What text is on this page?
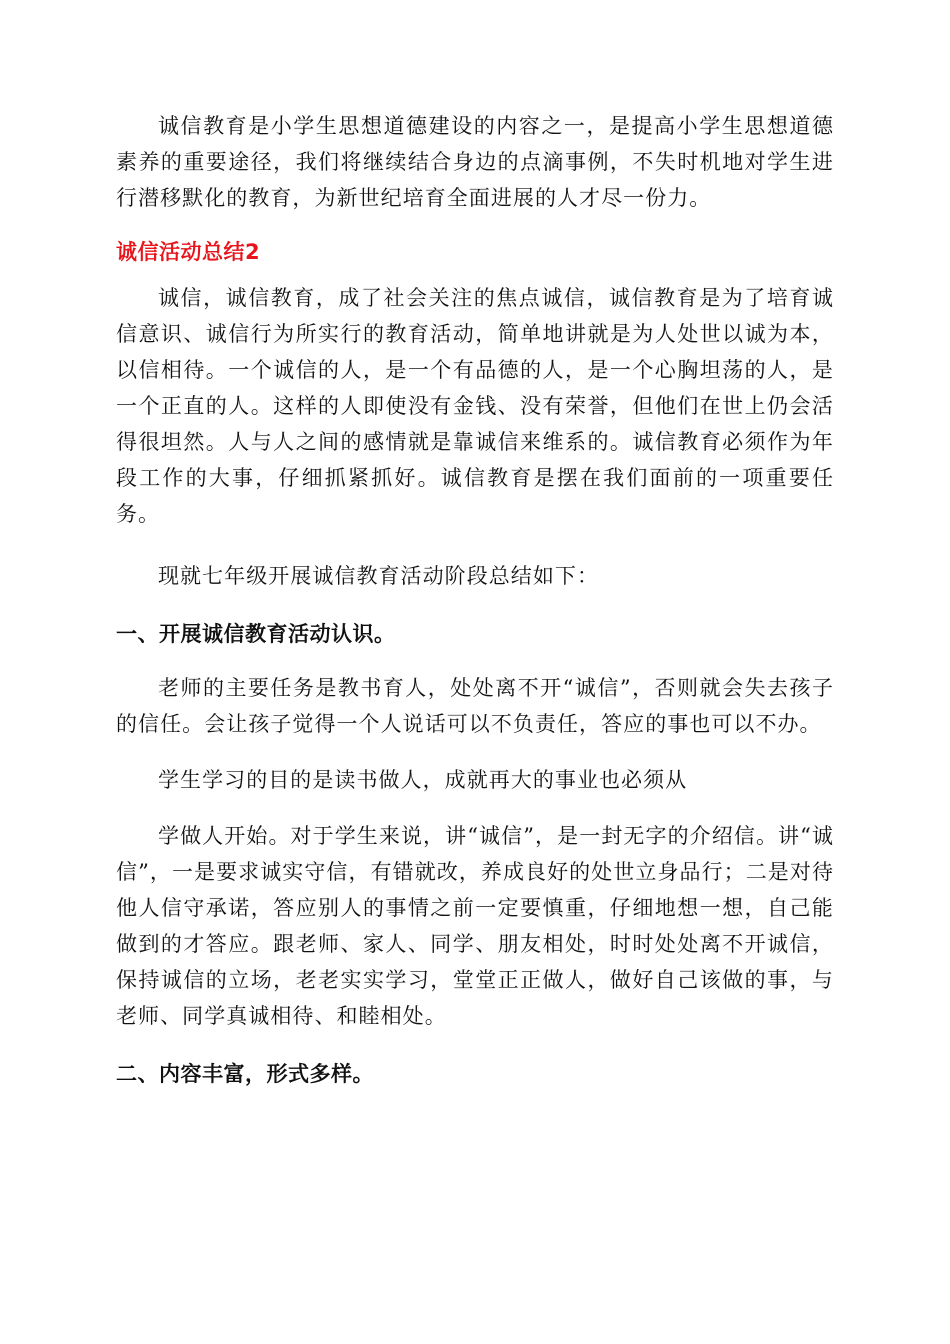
诚信教育是小学生思想道德建设的内容之一，是提高小学生思想道德素养的重要途径，我们将继续结合身边的点滴事例，不失时机地对学生进行潜移默化的教育，为新世纪培育全面进展的人才尽一份力。

诚信活动总结2

诚信，诚信教育，成了社会关注的焦点诚信，诚信教育是为了培育诚信意识、诚信行为所实行的教育活动，简单地讲就是为人处世以诚为本，以信相待。一个诚信的人，是一个有品德的人，是一个心胸坦荡的人，是一个正直的人。这样的人即使没有金钱、没有荣誉，但他们在世上仍会活得很坦然。人与人之间的感情就是靠诚信来维系的。诚信教育必须作为年段工作的大事，仔细抓紧抓好。诚信教育是摆在我们面前的一项重要任务。

现就七年级开展诚信教育活动阶段总结如下：

一、开展诚信教育活动认识。

老师的主要任务是教书育人，处处离不开“诚信”，否则就会失去孩子的信任。会让孩子觉得一个人说话可以不负责任，答应的事也可以不办。

学生学习的目的是读书做人，成就再大的事业也必须从

学做人开始。对于学生来说，讲“诚信”，是一封无字的介绍信。讲“诚信”，一是要求诚实守信，有错就改，养成良好的处世立身品行；二是对待他人信守承诺，答应别人的事情之前一定要慎重，仔细地想一想，自己能做到的才答应。跟老师、家人、同学、朋友相处，时时处处离不开诚信，保持诚信的立场，老老实实学习，堂堂正正做人，做好自己该做的事，与老师、同学真诚相待、和睦相处。

二、内容丰富，形式多样。
